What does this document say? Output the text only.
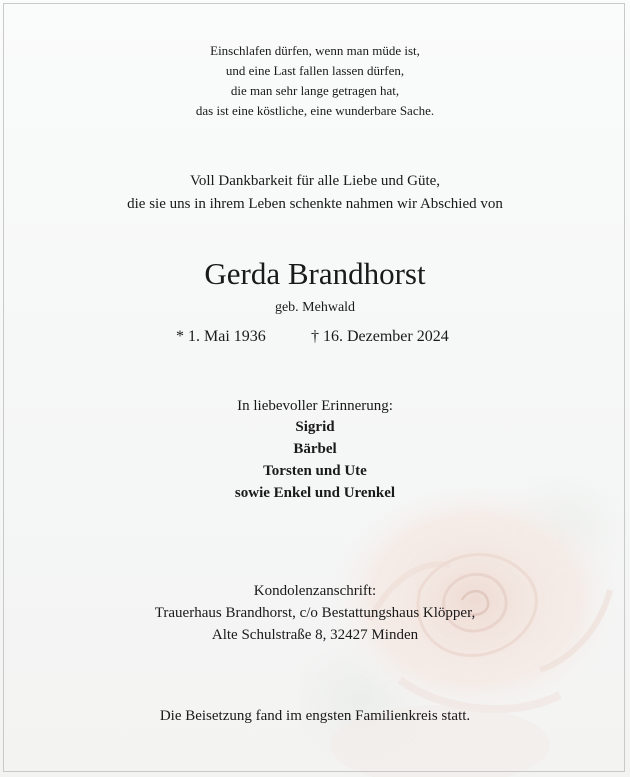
Einschlafen dürfen, wenn man müde ist,
und eine Last fallen lassen dürfen,
die man sehr lange getragen hat,
das ist eine köstliche, eine wunderbare Sache.
Voll Dankbarkeit für alle Liebe und Güte,
die sie uns in ihrem Leben schenkte nahmen wir Abschied von
Gerda Brandhorst
geb. Mehwald
* 1. Mai 1936	† 16. Dezember 2024
In liebevoller Erinnerung:
Sigrid
Bärbel
Torsten und Ute
sowie Enkel und Urenkel
Kondolenzanschrift:
Trauerhaus Brandhorst, c/o Bestattungshaus Klöpper,
Alte Schulstraße 8, 32427 Minden
Die Beisetzung fand im engsten Familienkreis statt.
